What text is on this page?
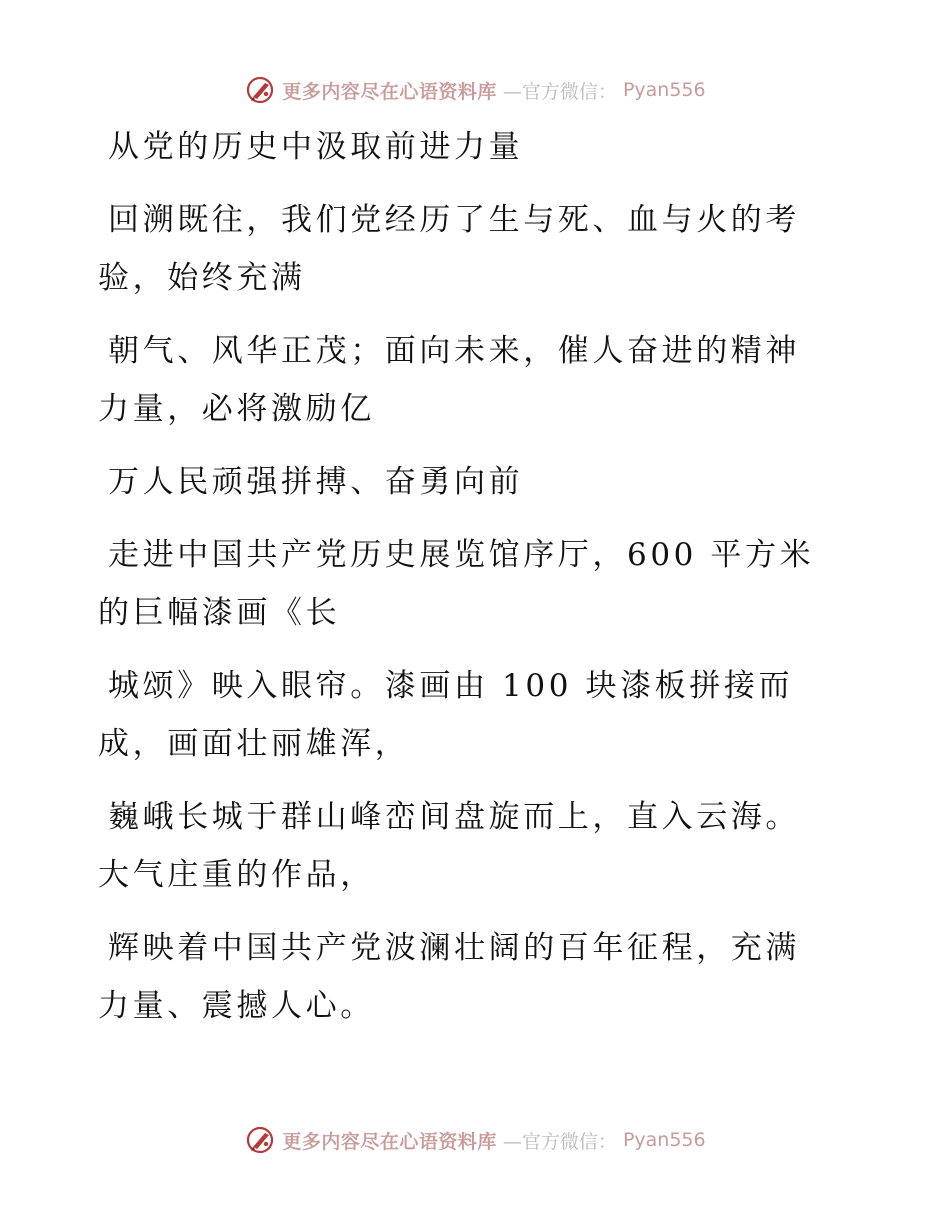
更多内容尽在心语资料库 —官方微信： Pyan556

从党的历史中汲取前进力量

回溯既往，我们党经历了生与死、血与火的考验，始终充满

朝气、风华正茂；面向未来，催人奋进的精神力量，必将激励亿

万人民顽强拼搏、奋勇向前

走进中国共产党历史展览馆序厅，600 平方米的巨幅漆画《长

城颂》映入眼帘。漆画由 100 块漆板拼接而成，画面壮丽雄浑，

巍峨长城于群山峰峦间盘旋而上，直入云海。大气庄重的作品，

辉映着中国共产党波澜壮阔的百年征程，充满力量、震撼人心。

更多内容尽在心语资料库 —官方微信： Pyan556
